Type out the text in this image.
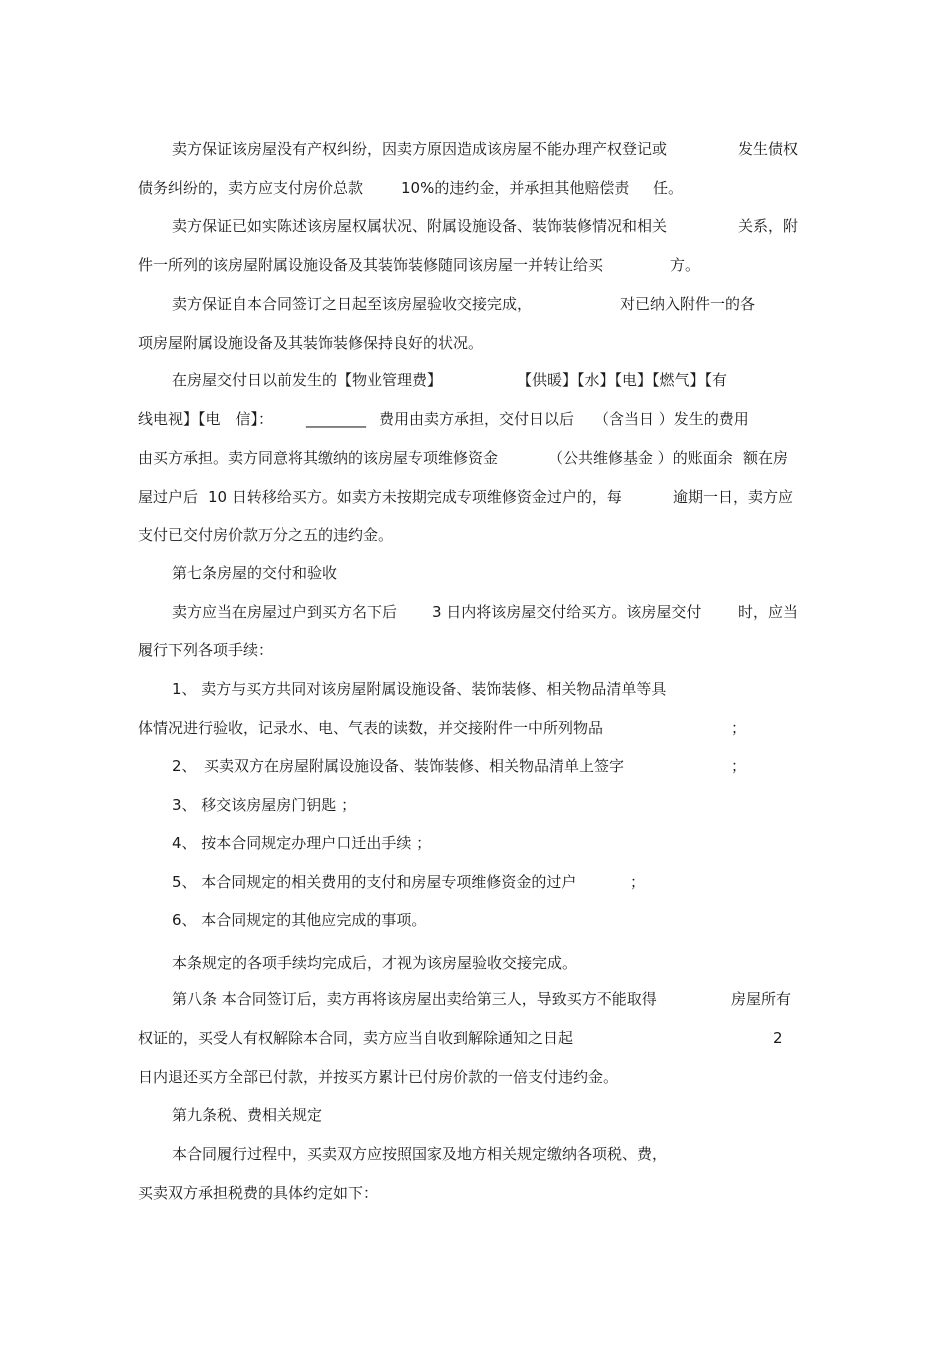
卖方保证该房屋没有产权纠纷，因卖方原因造成该房屋不能办理产权登记或

	发生债权

债务纠纷的，卖方应支付房价总款

	10%的违约金，并承担其他赔偿责

任。

卖方保证已如实陈述该房屋权属状况、附属设施设备、装饰装修情况和相关

	关系，附

件一所列的该房屋附属设施设备及其装饰装修随同该房屋一并转让给买

	方。

卖方保证自本合同签订之日起至该房屋验收交接完成，

	对已纳入附件一的各

项房屋附属设施设备及其装饰装修保持良好的状况。

在房屋交付日以前发生的【物业管理费】

	【供暖】【水】【电】【燃气】【有

线电视】【电　信】：

________

费用由卖方承担，交付日以后

（含当日 ）发生的费用

由买方承担。卖方同意将其缴纳的该房屋专项维修资金

	（公共维修基金 ）的账面余

额在房

屋过户后

10 日转移给买方。如卖方未按期完成专项维修资金过户的，每

	逾期一日，卖方应

支付已交付房价款万分之五的违约金。

第七条房屋的交付和验收

卖方应当在房屋过户到买方名下后

3 日内将该房屋交付给买方。该房屋交付

时，应当

履行下列各项手续：

1、 卖方与买方共同对该房屋附属设施设备、装饰装修、相关物品清单等具

体情况进行验收，记录水、电、气表的读数，并交接附件一中所列物品

	；

2、

买卖双方在房屋附属设施设备、装饰装修、相关物品清单上签字

	；

3、 移交该房屋房门钥匙 ；

4、 按本合同规定办理户口迁出手续 ；

5、 本合同规定的相关费用的支付和房屋专项维修资金的过户

	；

6、 本合同规定的其他应完成的事项。

本条规定的各项手续均完成后，才视为该房屋验收交接完成。

第八条 本合同签订后，卖方再将该房屋出卖给第三人，导致买方不能取得

	房屋所有

权证的，买受人有权解除本合同，卖方应当自收到解除通知之日起

	2

日内退还买方全部已付款，并按买方累计已付房价款的一倍支付违约金。

第九条税、费相关规定

本合同履行过程中，买卖双方应按照国家及地方相关规定缴纳各项税、费，

买卖双方承担税费的具体约定如下：
